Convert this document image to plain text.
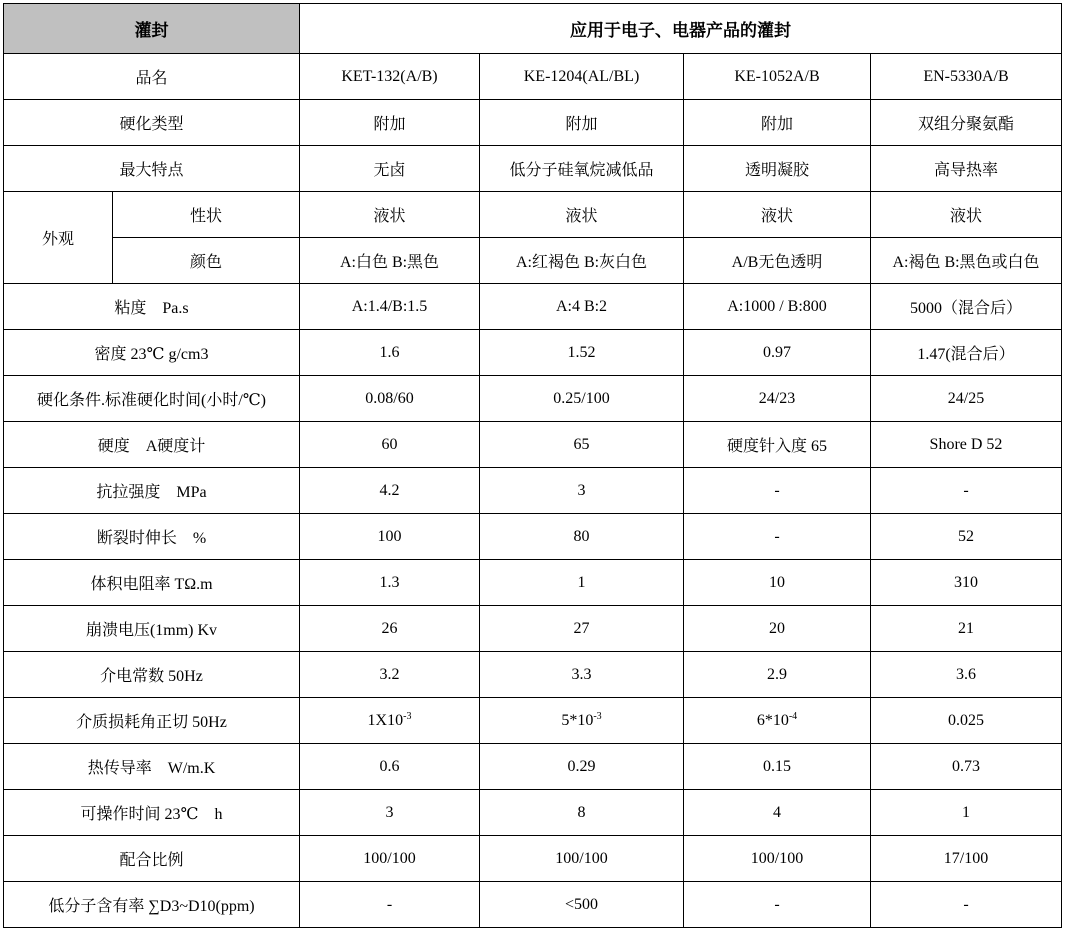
灌封		应用于电子、电器产品的灌封			
品名		KET-132(A/B)	KE-1204(AL/BL)	KE-1052A/B	EN-5330A/B
硬化类型		附加	附加	附加	双组分聚氨酯
最大特点		无卤	低分子硅氧烷减低品	透明凝胶	高导热率
外观	性状	液状	液状	液状	液状
	颜色	A:白色 B:黑色	A:红褐色 B:灰白色	A/B无色透明	A:褐色 B:黑色或白色
粘度　Pa.s		A:1.4/B:1.5	A:4 B:2	A:1000 / B:800	5000（混合后）
密度 23℃ g/cm3		1.6	1.52	0.97	1.47(混合后）
硬化条件.标准硬化时间(小时/℃)		0.08/60	0.25/100	24/23	24/25
硬度　A硬度计		60	65	硬度针入度 65	Shore D 52
抗拉强度　MPa		4.2	3	-	-
断裂时伸长　%		100	80	-	52
体积电阻率 TΩ.m		1.3	1	10	310
崩溃电压(1mm) Kv		26	27	20	21
介电常数 50Hz		3.2	3.3	2.9	3.6
介质损耗角正切 50Hz		$1X10^{-3}$	$5*10^{-3}$	$6*10^{-4}$	0.025
热传导率　W/m.K		0.6	0.29	0.15	0.73
可操作时间 23℃　h		3	8	4	1
配合比例		100/100	100/100	100/100	17/100
低分子含有率 ∑D3~D10(ppm)		-	<500	-	-
